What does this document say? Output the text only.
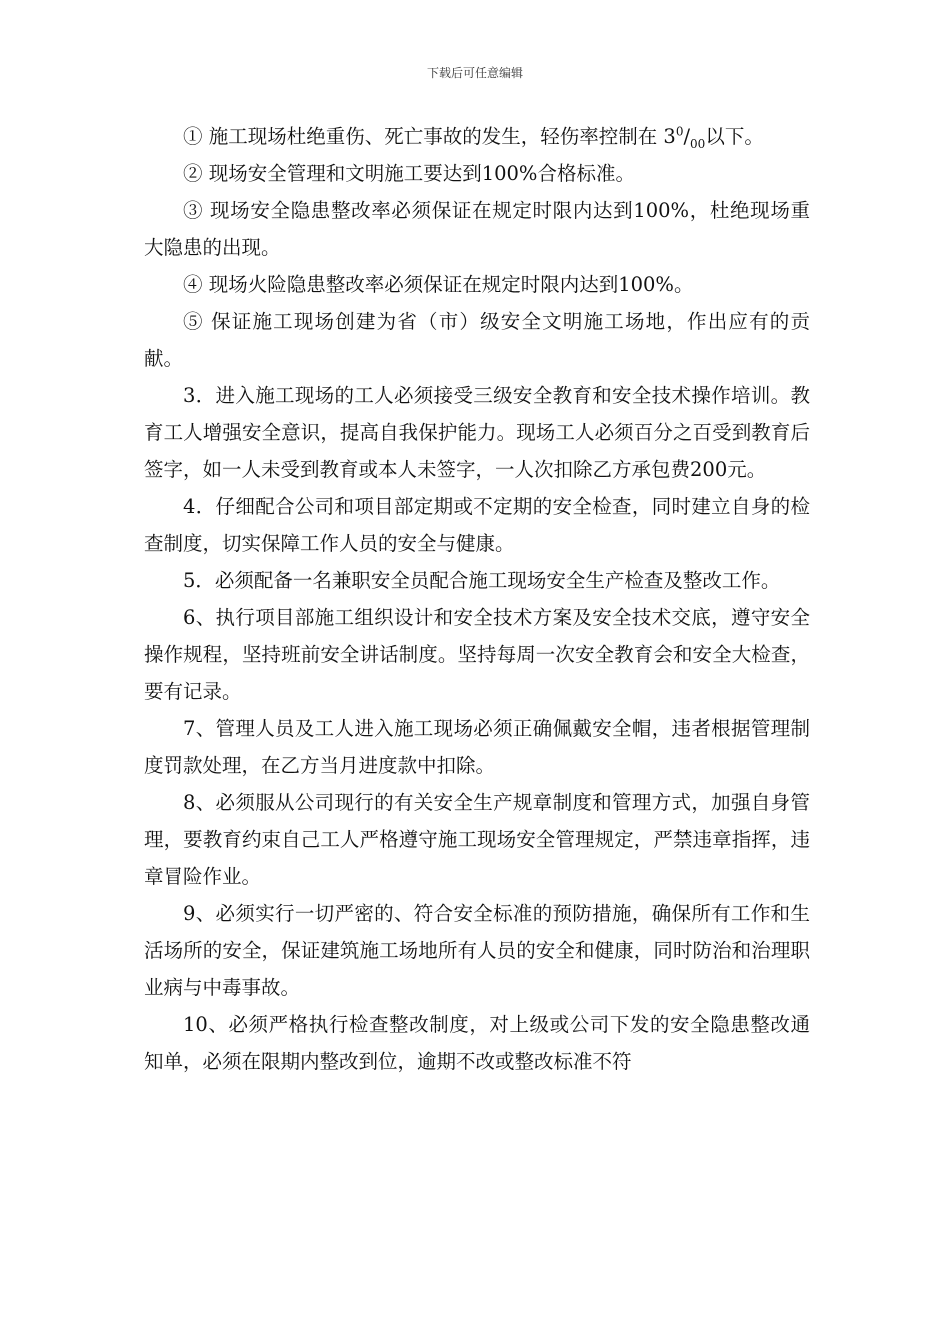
下载后可任意编辑

① 施工现场杜绝重伤、死亡事故的发生，轻伤率控制在 $3^0/_{00}$以下。

② 现场安全管理和文明施工要达到100%合格标准。

③ 现场安全隐患整改率必须保证在规定时限内达到100%，杜绝现场重大隐患的出现。

④ 现场火险隐患整改率必须保证在规定时限内达到100%。

⑤ 保证施工现场创建为省（市）级安全文明施工场地，作出应有的贡献。

3．进入施工现场的工人必须接受三级安全教育和安全技术操作培训。教育工人增强安全意识，提高自我保护能力。现场工人必须百分之百受到教育后签字，如一人未受到教育或本人未签字，一人次扣除乙方承包费200元。

4．仔细配合公司和项目部定期或不定期的安全检查，同时建立自身的检查制度，切实保障工作人员的安全与健康。

5．必须配备一名兼职安全员配合施工现场安全生产检查及整改工作。

6、执行项目部施工组织设计和安全技术方案及安全技术交底，遵守安全操作规程，坚持班前安全讲话制度。坚持每周一次安全教育会和安全大检查，要有记录。

7、管理人员及工人进入施工现场必须正确佩戴安全帽，违者根据管理制度罚款处理，在乙方当月进度款中扣除。

8、必须服从公司现行的有关安全生产规章制度和管理方式，加强自身管理，要教育约束自己工人严格遵守施工现场安全管理规定，严禁违章指挥，违章冒险作业。

9、必须实行一切严密的、符合安全标准的预防措施，确保所有工作和生活场所的安全，保证建筑施工场地所有人员的安全和健康，同时防治和治理职业病与中毒事故。

10、必须严格执行检查整改制度，对上级或公司下发的安全隐患整改通知单，必须在限期内整改到位，逾期不改或整改标准不符
